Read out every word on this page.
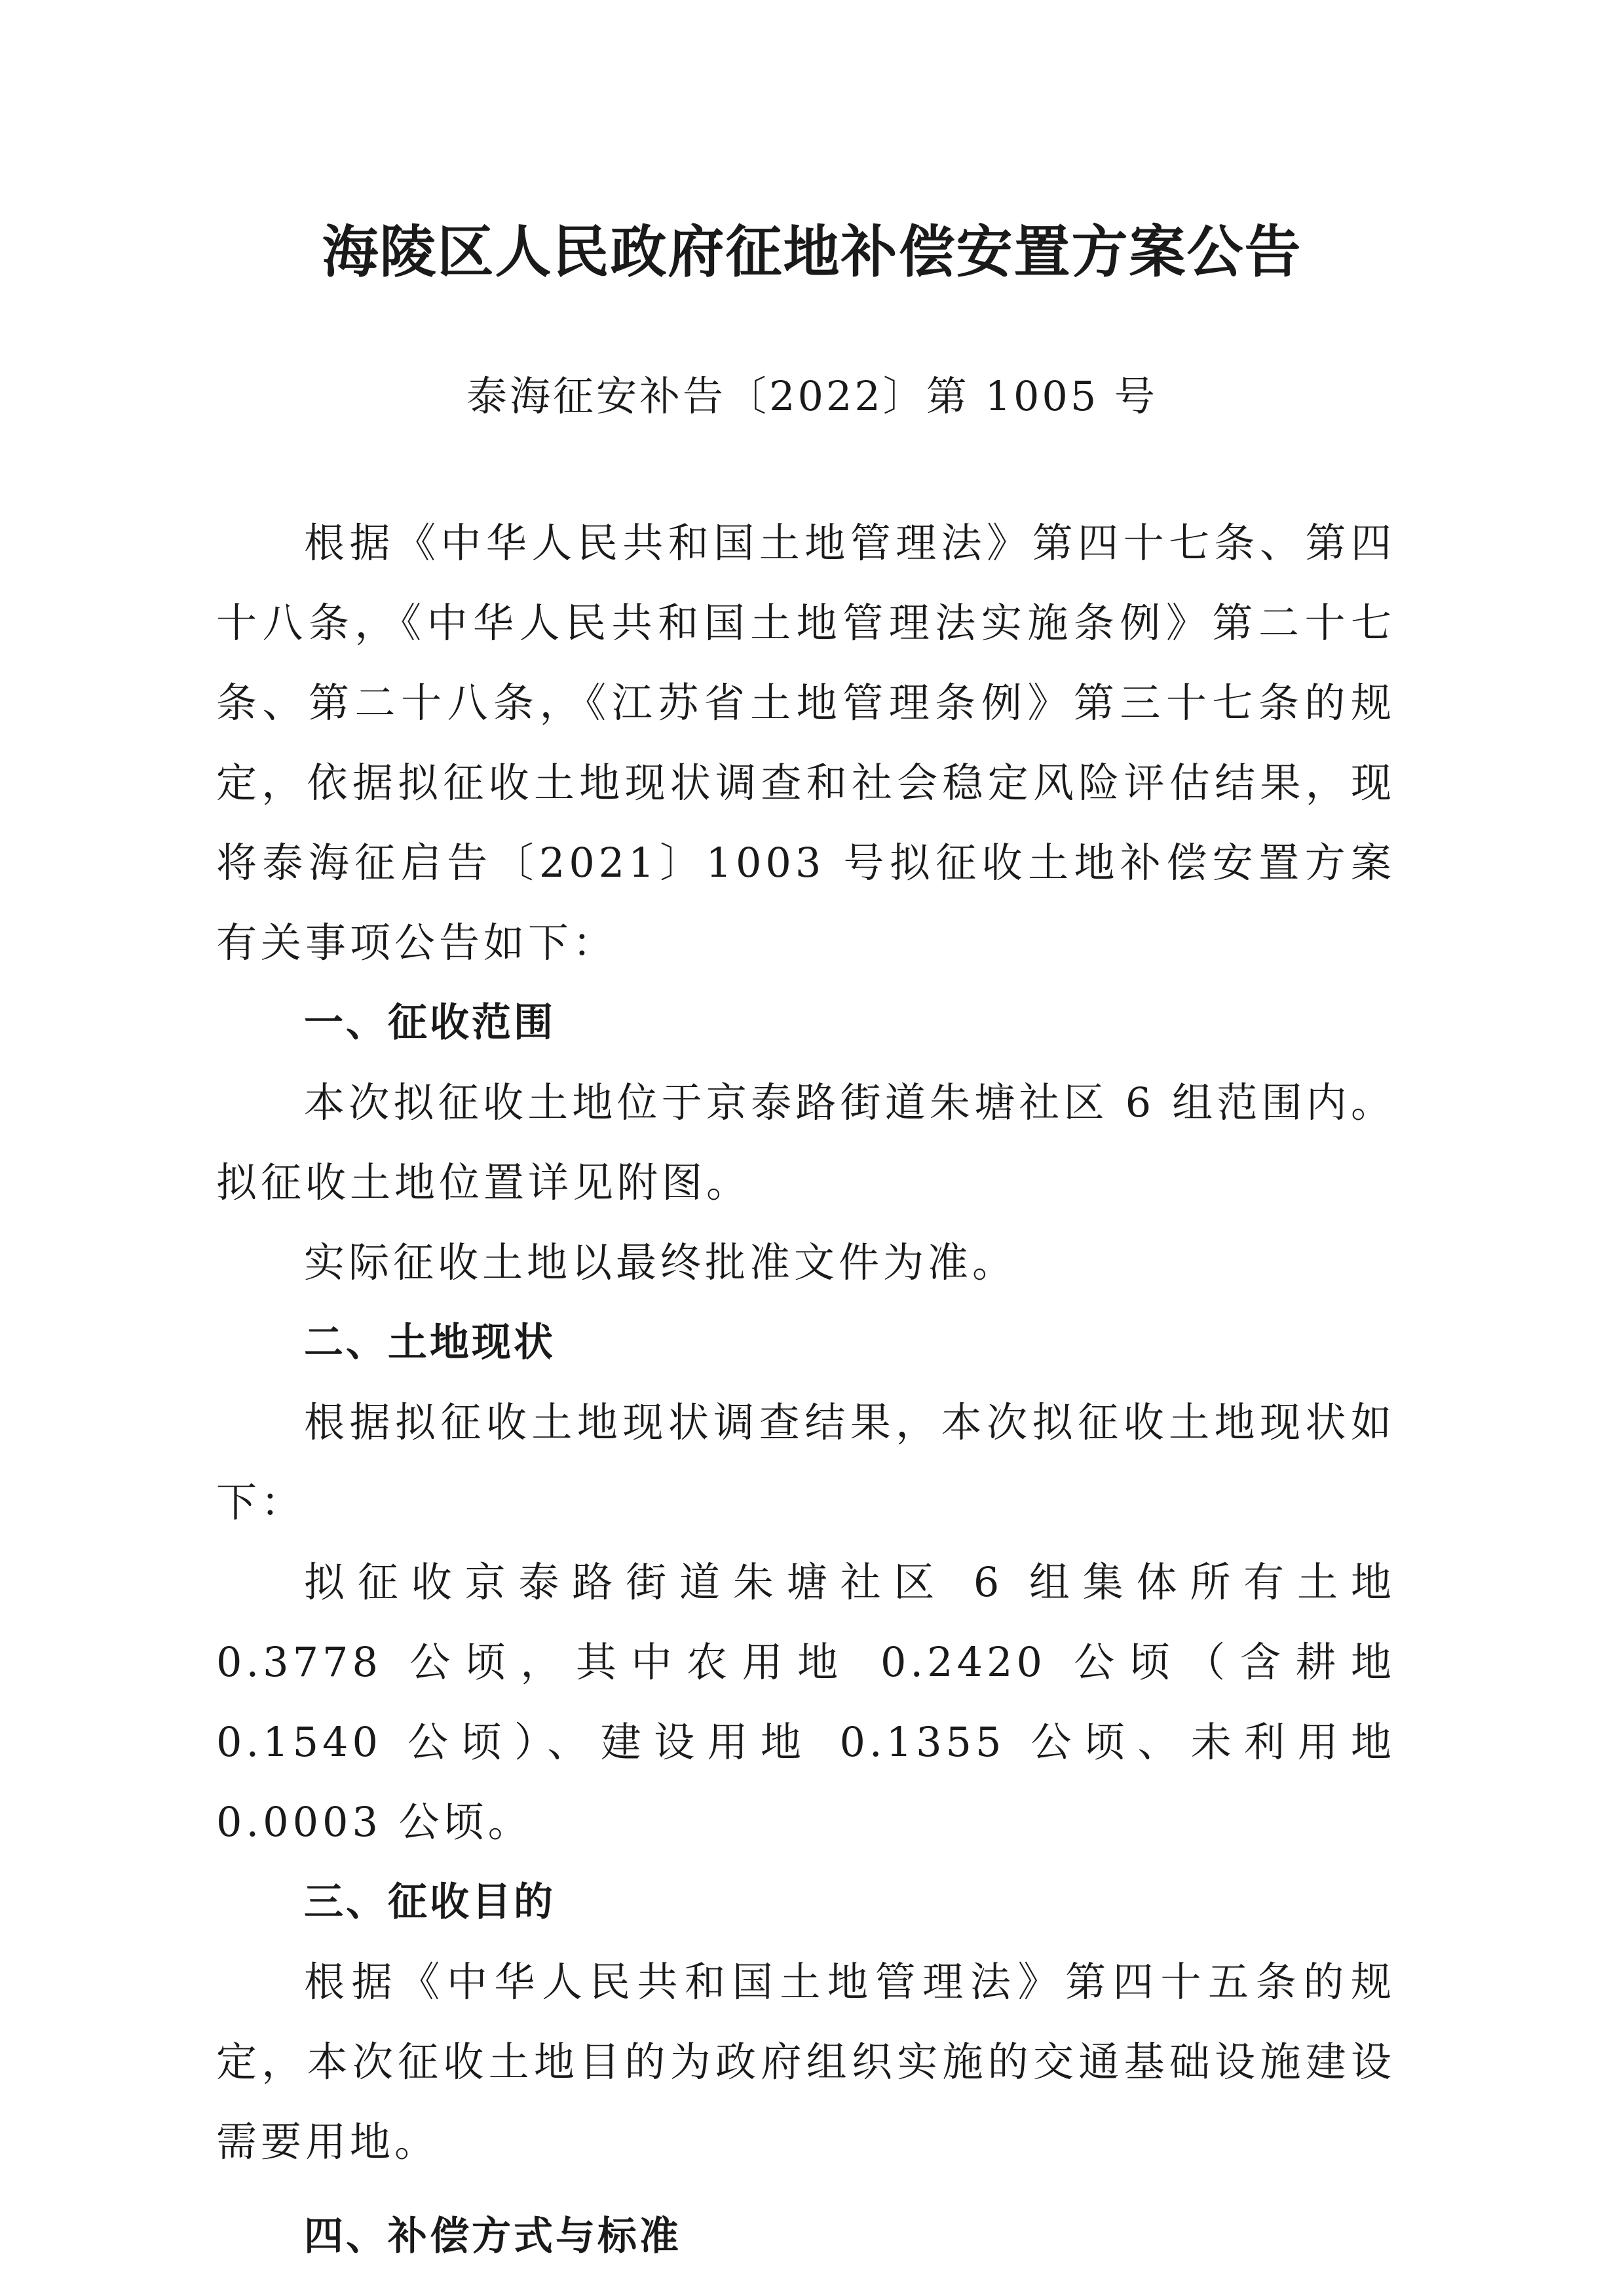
海陵区人民政府征地补偿安置方案公告
泰海征安补告〔2022〕第 1005 号

根据《中华人民共和国土地管理法》第四十七条、第四十八条，《中华人民共和国土地管理法实施条例》第二十七条、第二十八条，《江苏省土地管理条例》第三十七条的规定，依据拟征收土地现状调查和社会稳定风险评估结果，现将泰海征启告〔2021〕1003 号拟征收土地补偿安置方案有关事项公告如下：

一、征收范围

本次拟征收土地位于京泰路街道朱塘社区 6 组范围内。拟征收土地位置详见附图。

实际征收土地以最终批准文件为准。

二、土地现状

根据拟征收土地现状调查结果，本次拟征收土地现状如下：

拟征收京泰路街道朱塘社区 6 组集体所有土地 0.3778 公顷，其中农用地 0.2420 公顷（含耕地 0.1540 公顷）、建设用地 0.1355 公顷、未利用地 0.0003 公顷。

三、征收目的

根据《中华人民共和国土地管理法》第四十五条的规定，本次征收土地目的为政府组织实施的交通基础设施建设需要用地。

四、补偿方式与标准
